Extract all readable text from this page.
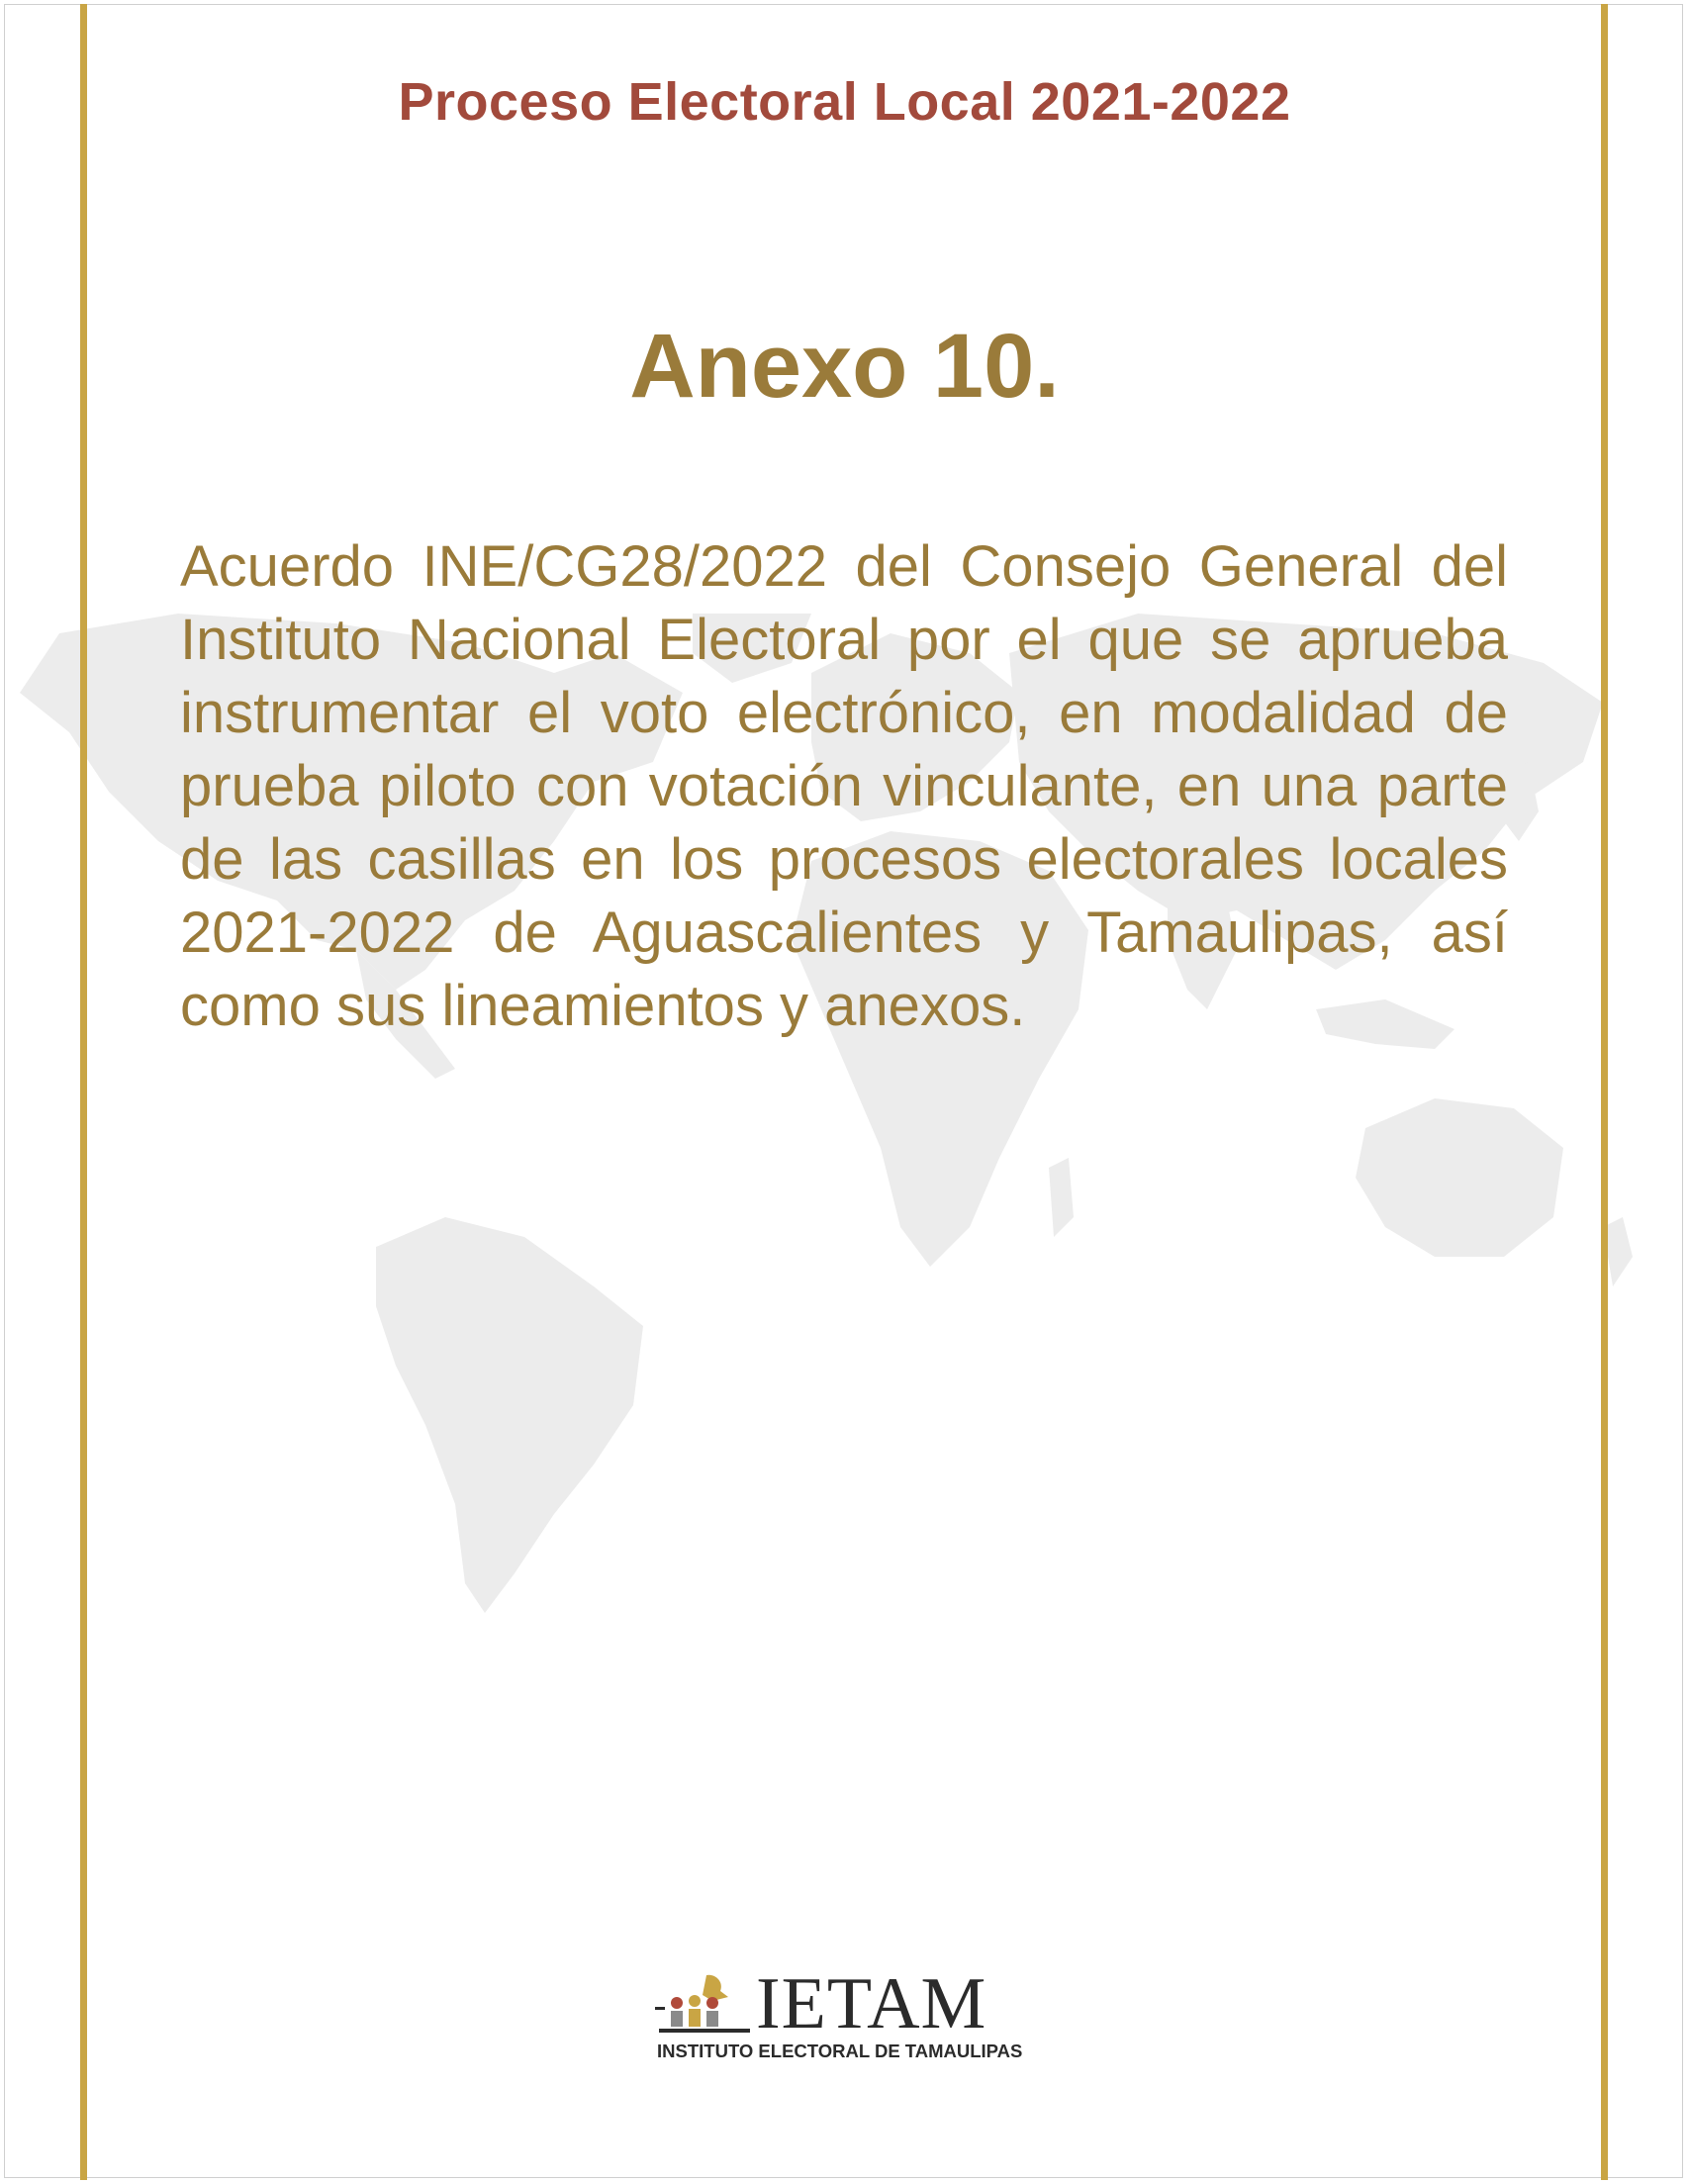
Proceso Electoral Local 2021-2022
Anexo 10.
Acuerdo INE/CG28/2022 del Consejo General del Instituto Nacional Electoral por el que se aprueba instrumentar el voto electrónico, en modalidad de prueba piloto con votación vinculante, en una parte de las casillas en los procesos electorales locales 2021-2022 de Aguascalientes y Tamaulipas, así como sus lineamientos y anexos.
IETAM
INSTITUTO ELECTORAL DE TAMAULIPAS
